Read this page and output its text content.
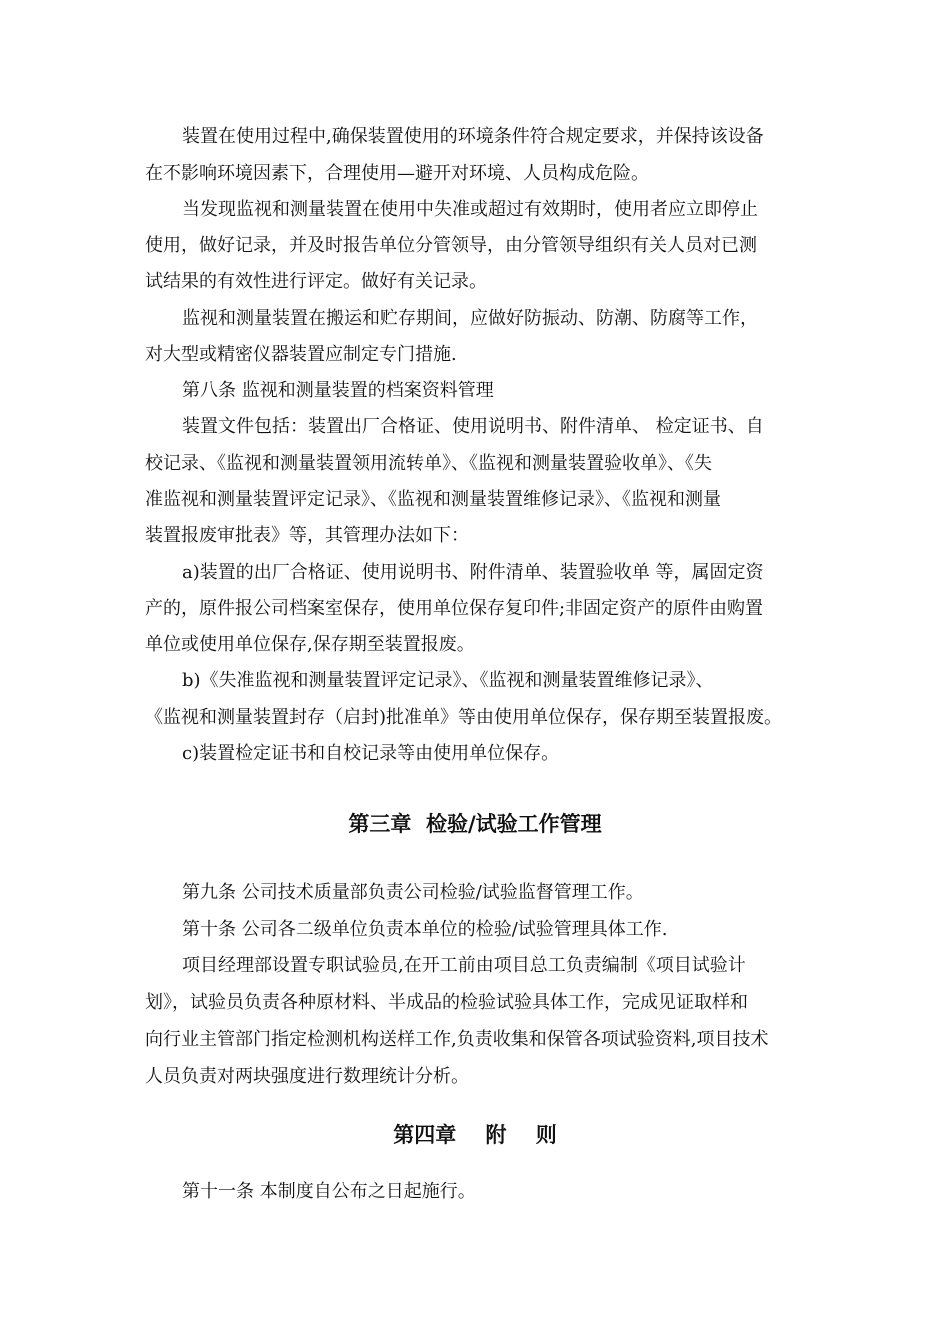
装置在使用过程中,确保装置使用的环境条件符合规定要求，并保持该设备
在不影响环境因素下，合理使用—避开对环境、人员构成危险。
当发现监视和测量装置在使用中失准或超过有效期时，使用者应立即停止
使用，做好记录，并及时报告单位分管领导，由分管领导组织有关人员对已测
试结果的有效性进行评定。做好有关记录。
监视和测量装置在搬运和贮存期间，应做好防振动、防潮、防腐等工作，
对大型或精密仪器装置应制定专门措施.
第八条 监视和测量装置的档案资料管理
装置文件包括：装置出厂合格证、使用说明书、附件清单、 检定证书、自
校记录、《监视和测量装置领用流转单》、《监视和测量装置验收单》、《失
准监视和测量装置评定记录》、《监视和测量装置维修记录》、《监视和测量
装置报废审批表》等，其管理办法如下：
a)装置的出厂合格证、使用说明书、附件清单、装置验收单 等，属固定资
产的，原件报公司档案室保存，使用单位保存复印件;非固定资产的原件由购置
单位或使用单位保存,保存期至装置报废。
b)《失准监视和测量装置评定记录》、《监视和测量装置维修记录》、
《监视和测量装置封存（启封)批准单》等由使用单位保存，保存期至装置报废。
c)装置检定证书和自校记录等由使用单位保存。
第三章  检验/试验工作管理
第九条 公司技术质量部负责公司检验/试验监督管理工作。
第十条 公司各二级单位负责本单位的检验/试验管理具体工作.
项目经理部设置专职试验员,在开工前由项目总工负责编制《项目试验计
划》，试验员负责各种原材料、半成品的检验试验具体工作，完成见证取样和
向行业主管部门指定检测机构送样工作,负责收集和保管各项试验资料,项目技术
人员负责对两块强度进行数理统计分析。
第四章    附    则
第十一条 本制度自公布之日起施行。
